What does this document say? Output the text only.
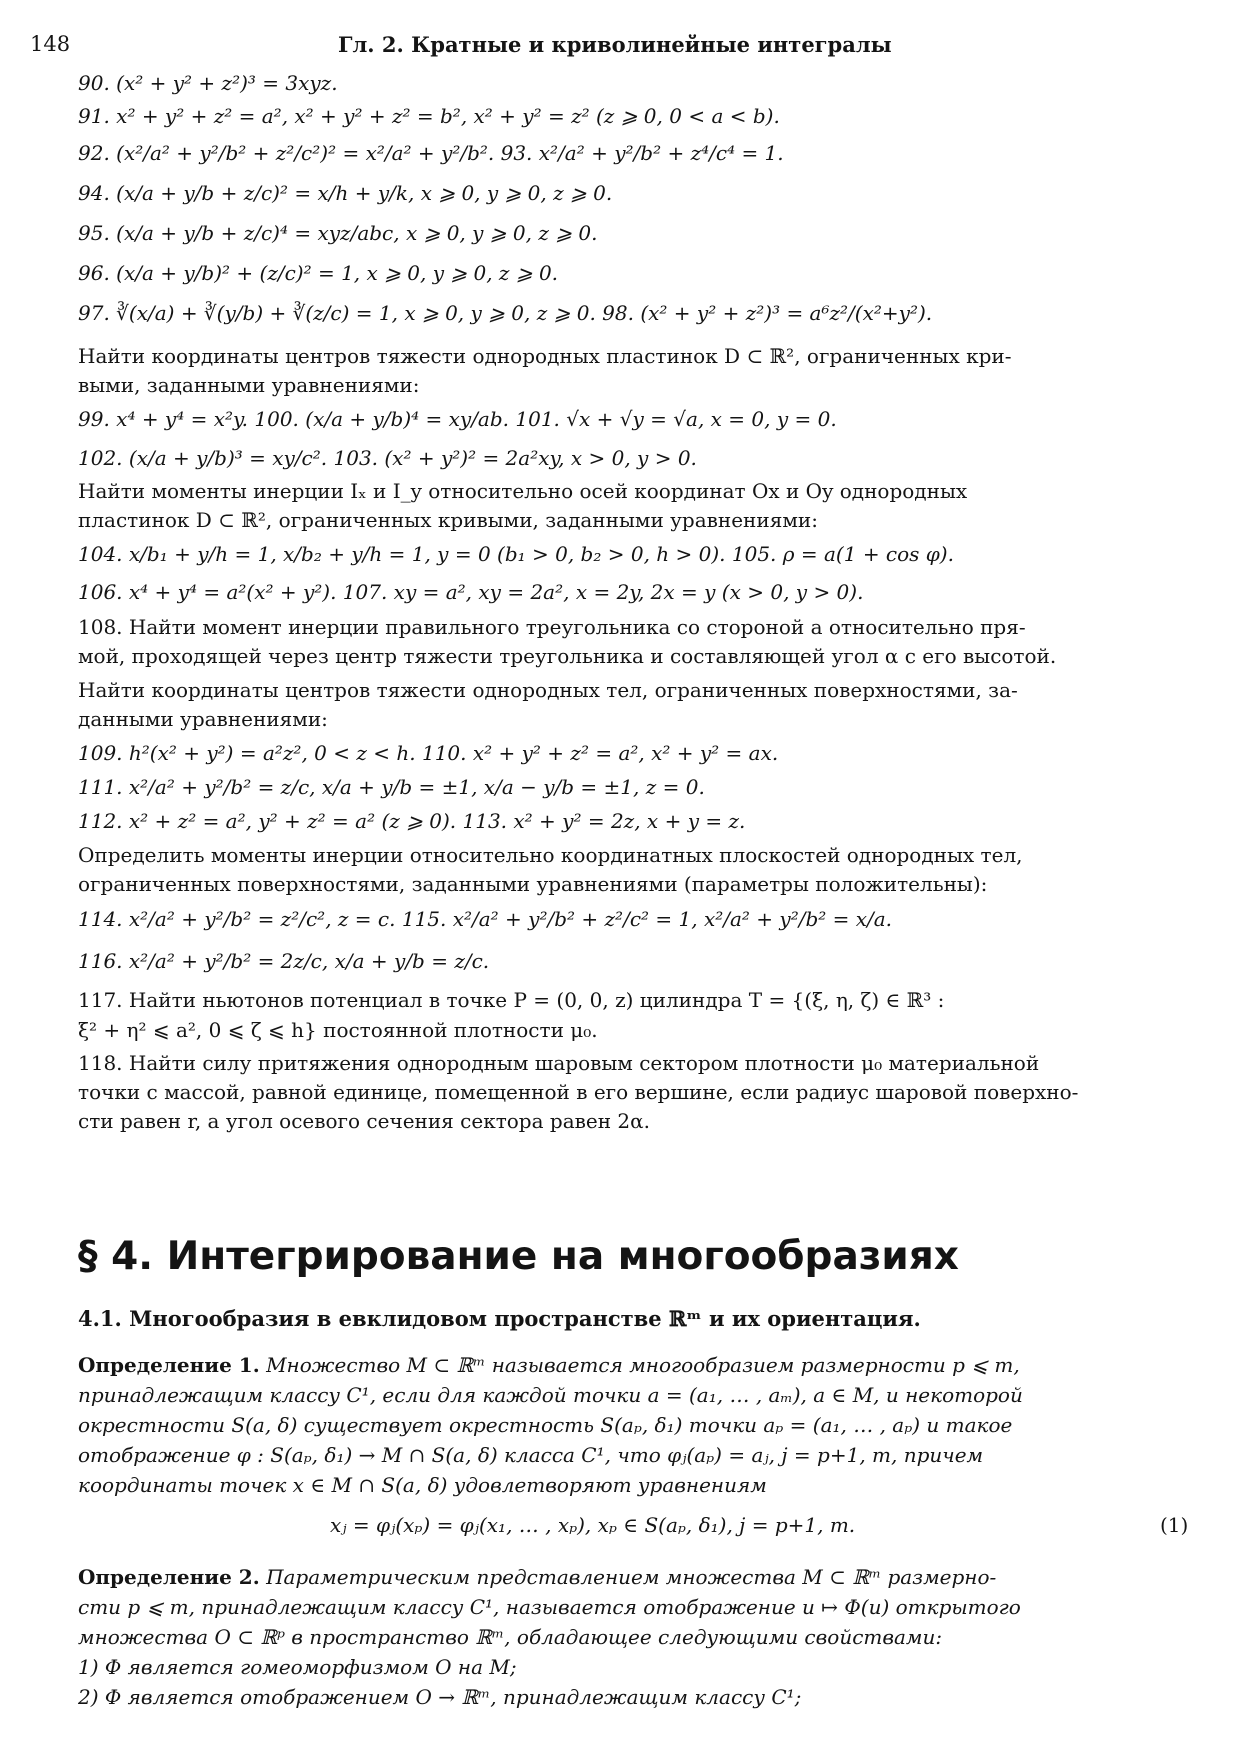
148	Гл. 2. Кратные и криволинейные интегралы
90. (x² + y² + z²)³ = 3xyz.
91. x² + y² + z² = a², x² + y² + z² = b², x² + y² = z² (z ⩾ 0, 0 < a < b).
92. (x²/a² + y²/b² + z²/c²)² = x²/a² + y²/b². 93. x²/a² + y²/b² + z⁴/c⁴ = 1.
94. (x/a + y/b + z/c)² = x/h + y/k, x ⩾ 0, y ⩾ 0, z ⩾ 0.
95. (x/a + y/b + z/c)⁴ = xyz/abc, x ⩾ 0, y ⩾ 0, z ⩾ 0.
96. (x/a + y/b)² + (z/c)² = 1, x ⩾ 0, y ⩾ 0, z ⩾ 0.
97. ∛(x/a) + ∛(y/b) + ∛(z/c) = 1, x ⩾ 0, y ⩾ 0, z ⩾ 0. 98. (x² + y² + z²)³ = a⁶z²/(x²+y²).
Найти координаты центров тяжести однородных пластинок D ⊂ ℝ², ограниченных кри-
выми, заданными уравнениями:
99. x⁴ + y⁴ = x²y. 100. (x/a + y/b)⁴ = xy/ab. 101. √x + √y = √a, x = 0, y = 0.
102. (x/a + y/b)³ = xy/c². 103. (x² + y²)² = 2a²xy, x > 0, y > 0.
Найти моменты инерции Iₓ и I_y относительно осей координат Ox и Oy однородных
пластинок D ⊂ ℝ², ограниченных кривыми, заданными уравнениями:
104. x/b₁ + y/h = 1, x/b₂ + y/h = 1, y = 0 (b₁ > 0, b₂ > 0, h > 0). 105. ρ = a(1 + cos φ).
106. x⁴ + y⁴ = a²(x² + y²). 107. xy = a², xy = 2a², x = 2y, 2x = y (x > 0, y > 0).
108. Найти момент инерции правильного треугольника со стороной a относительно пря-
мой, проходящей через центр тяжести треугольника и составляющей угол α с его высотой.
Найти координаты центров тяжести однородных тел, ограниченных поверхностями, за-
данными уравнениями:
109. h²(x² + y²) = a²z², 0 < z < h. 110. x² + y² + z² = a², x² + y² = ax.
111. x²/a² + y²/b² = z/c, x/a + y/b = ±1, x/a − y/b = ±1, z = 0.
112. x² + z² = a², y² + z² = a² (z ⩾ 0). 113. x² + y² = 2z, x + y = z.
Определить моменты инерции относительно координатных плоскостей однородных тел,
ограниченных поверхностями, заданными уравнениями (параметры положительны):
114. x²/a² + y²/b² = z²/c², z = c. 115. x²/a² + y²/b² + z²/c² = 1, x²/a² + y²/b² = x/a.
116. x²/a² + y²/b² = 2z/c, x/a + y/b = z/c.
117. Найти ньютонов потенциал в точке P = (0, 0, z) цилиндра T = {(ξ, η, ζ) ∈ ℝ³ :
ξ² + η² ⩽ a², 0 ⩽ ζ ⩽ h} постоянной плотности μ₀.
118. Найти силу притяжения однородным шаровым сектором плотности μ₀ материальной
точки с массой, равной единице, помещенной в его вершине, если радиус шаровой поверхно-
сти равен r, а угол осевого сечения сектора равен 2α.
§ 4. Интегрирование на многообразиях
4.1. Многообразия в евклидовом пространстве ℝᵐ и их ориентация.
Определение 1. Множество M ⊂ ℝᵐ называется многообразием размерности p ⩽ m,
принадлежащим классу C¹, если для каждой точки a = (a₁, … , aₘ), a ∈ M, и некоторой
окрестности S(a, δ) существует окрестность S(aₚ, δ₁) точки aₚ = (a₁, … , aₚ) и такое
отображение φ : S(aₚ, δ₁) → M ∩ S(a, δ) класса C¹, что φⱼ(aₚ) = aⱼ, j = p+1, m, причем
координаты точек x ∈ M ∩ S(a, δ) удовлетворяют уравнениям
xⱼ = φⱼ(xₚ) = φⱼ(x₁, … , xₚ), xₚ ∈ S(aₚ, δ₁), j = p+1, m.	(1)
Определение 2. Параметрическим представлением множества M ⊂ ℝᵐ размерно-
сти p ⩽ m, принадлежащим классу C¹, называется отображение u ↦ Φ(u) открытого
множества O ⊂ ℝᵖ в пространство ℝᵐ, обладающее следующими свойствами:
1) Φ является гомеоморфизмом O на M;
2) Φ является отображением O → ℝᵐ, принадлежащим классу C¹;
